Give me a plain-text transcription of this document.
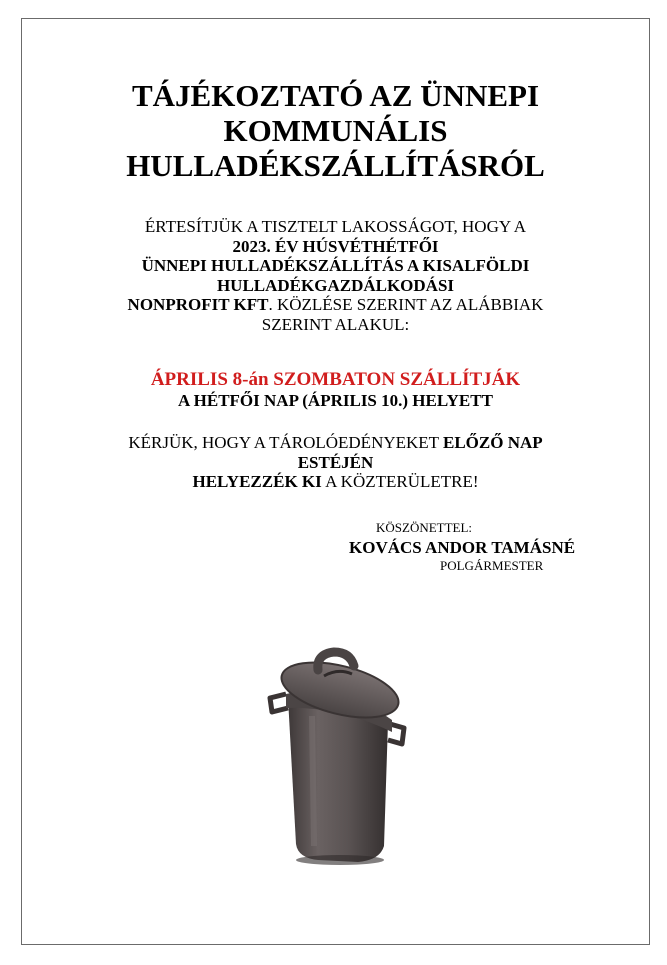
TÁJÉKOZTATÓ AZ ÜNNEPI
KOMMUNÁLIS
HULLADÉKSZÁLLÍTÁSRÓL
ÉRTESÍTJÜK A TISZTELT LAKOSSÁGOT, HOGY A
2023. ÉV HÚSVÉTHÉTFŐI
ÜNNEPI HULLADÉKSZÁLLÍTÁS A KISALFÖLDI
HULLADÉKGAZDÁLKODÁSI
NONPROFIT KFT. KÖZLÉSE SZERINT AZ ALÁBBIAK
SZERINT ALAKUL:
ÁPRILIS 8-án SZOMBATON SZÁLLÍTJÁK
A HÉTFŐI NAP (ÁPRILIS 10.) HELYETT
KÉRJÜK, HOGY A TÁROLÓEDÉNYEKET ELŐZŐ NAP
ESTÉJÉN
HELYEZZÉK KI A KÖZTERÜLETRE!
KÖSZÖNETTEL:
KOVÁCS ANDOR TAMÁSNÉ
POLGÁRMESTER
